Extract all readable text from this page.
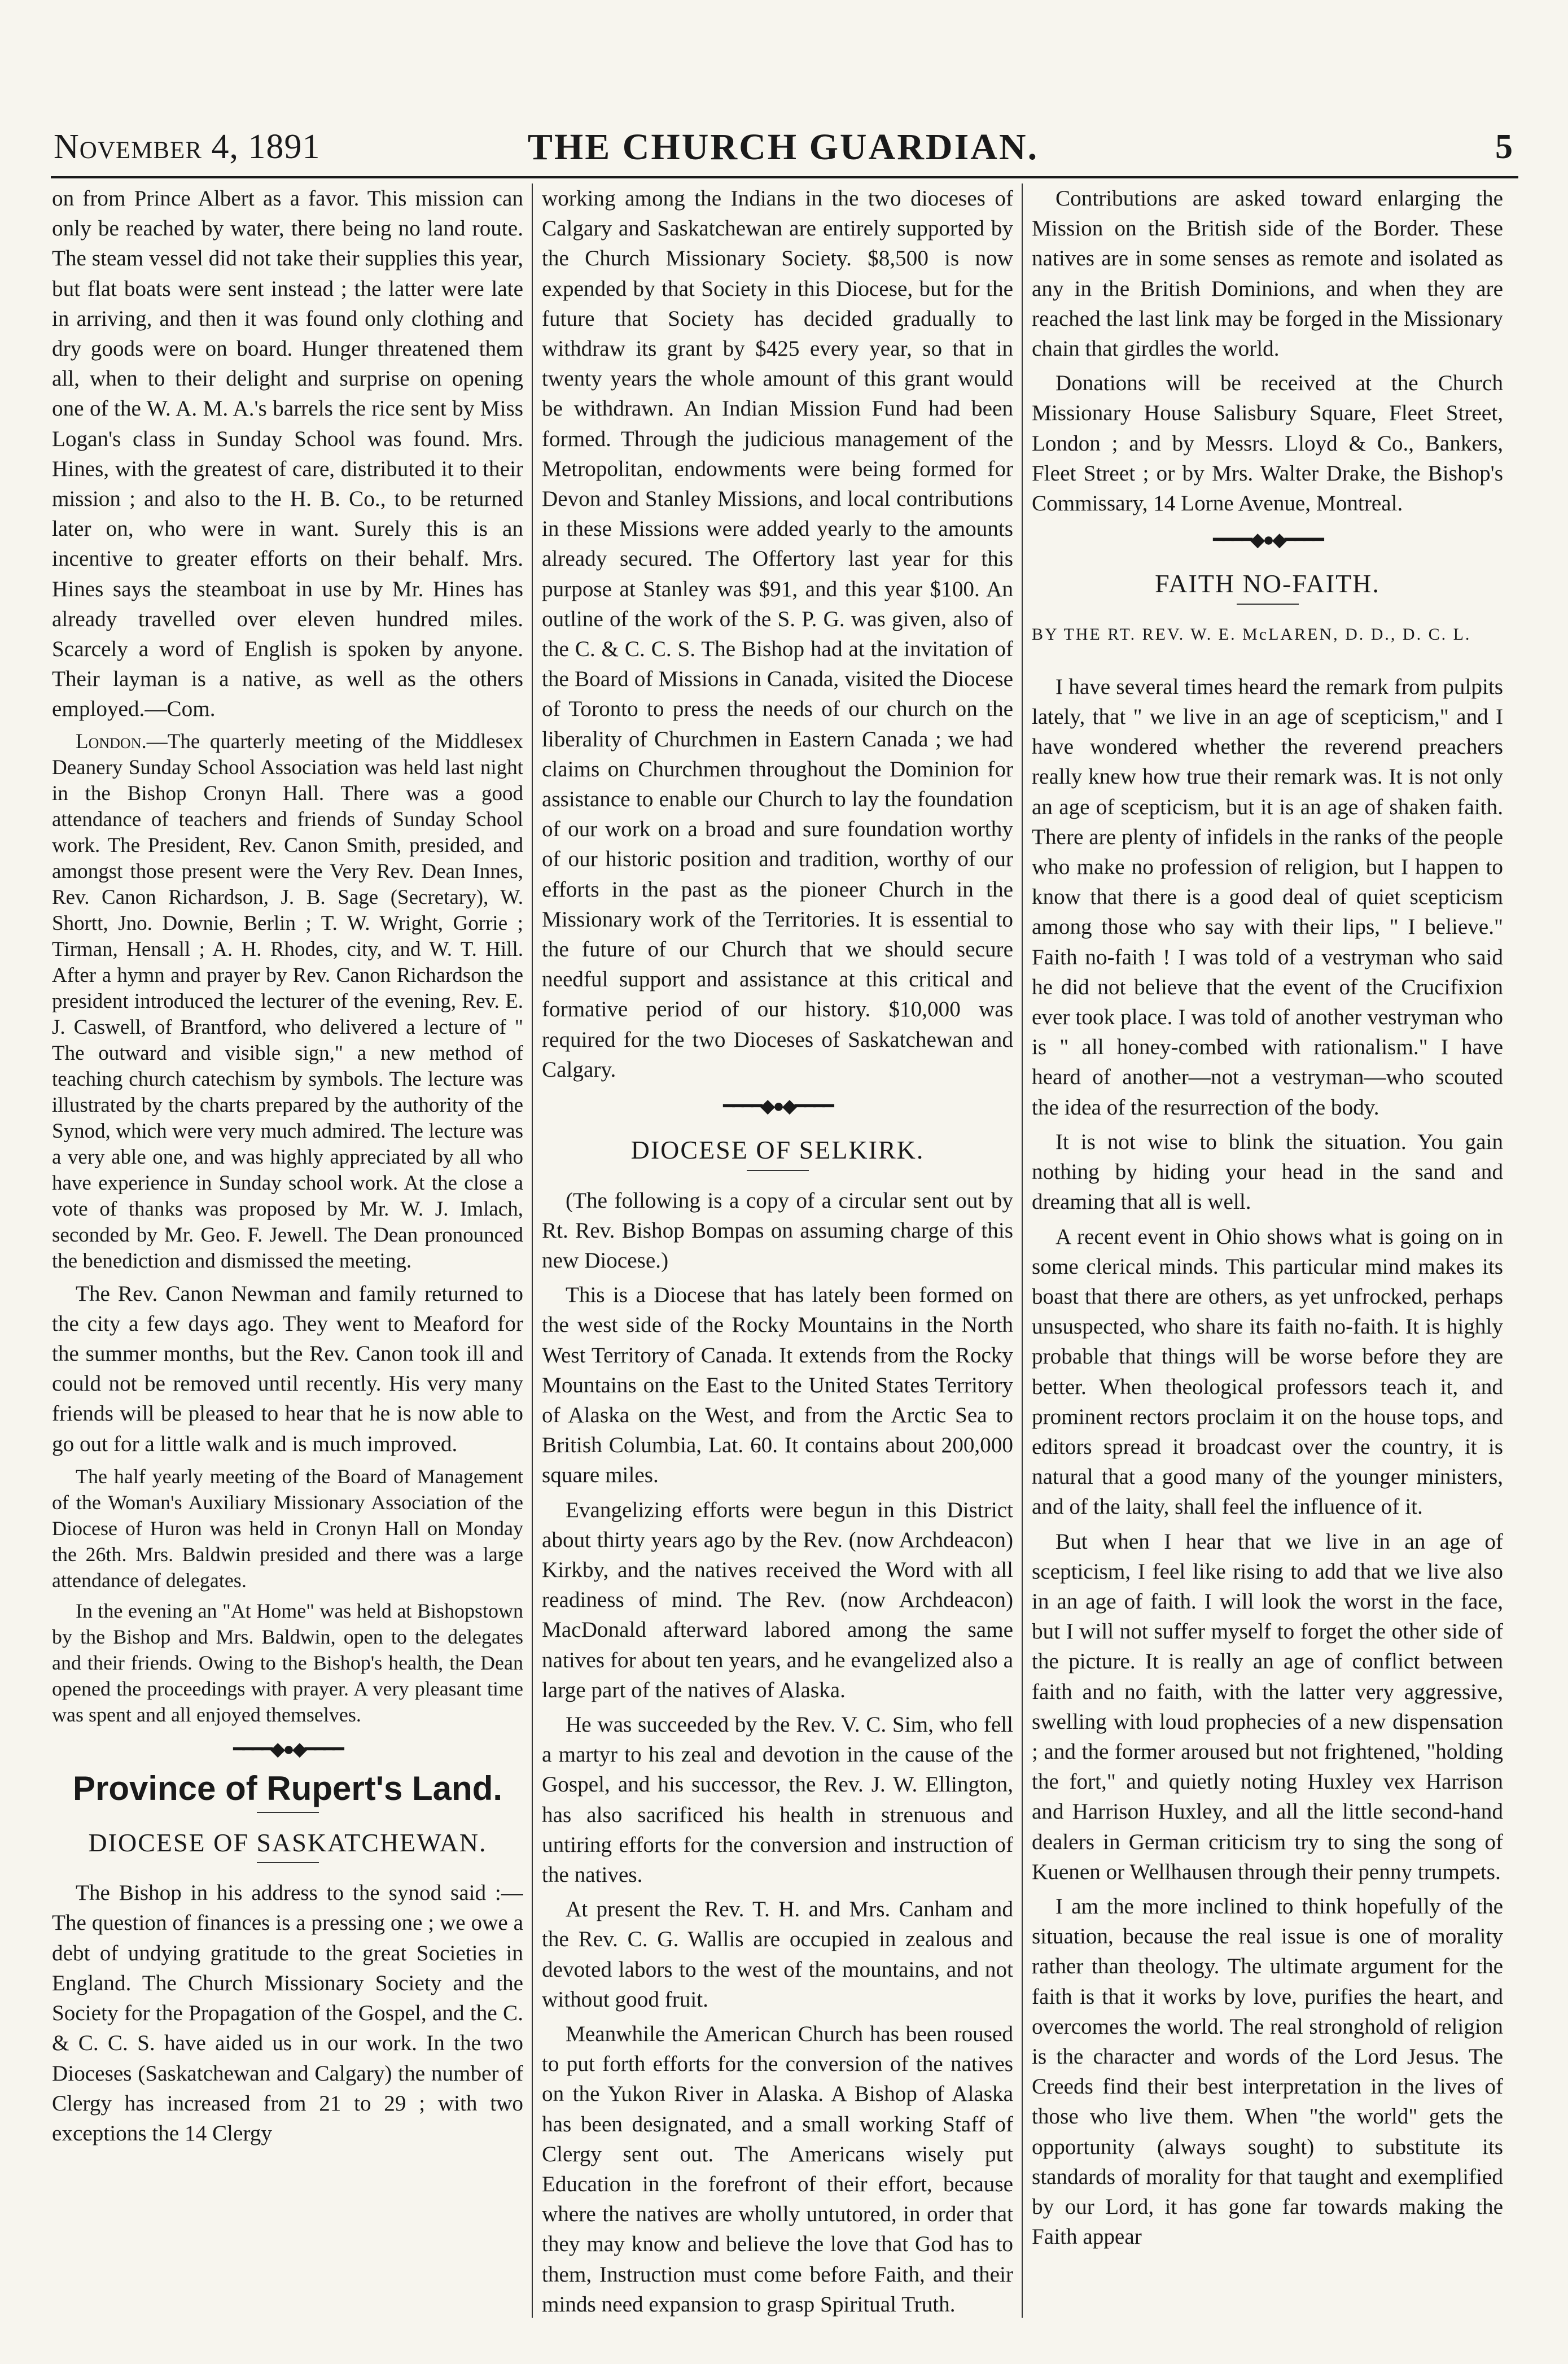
November 4, 1891	THE CHURCH GUARDIAN.	5

on from Prince Albert as a favor. This mission can only be reached by water, there being no land route. The steam vessel did not take their supplies this year, but flat boats were sent instead ; the latter were late in arriving, and then it was found only clothing and dry goods were on board. Hunger threatened them all, when to their delight and surprise on opening one of the W. A. M. A.'s barrels the rice sent by Miss Logan's class in Sunday School was found. Mrs. Hines, with the greatest of care, distributed it to their mission ; and also to the H. B. Co., to be returned later on, who were in want. Surely this is an incentive to greater efforts on their behalf. Mrs. Hines says the steamboat in use by Mr. Hines has already travelled over eleven hundred miles. Scarcely a word of English is spoken by anyone. Their layman is a native, as well as the others employed.—Com.

London.—The quarterly meeting of the Middlesex Deanery Sunday School Association was held last night in the Bishop Cronyn Hall. There was a good attendance of teachers and friends of Sunday School work. The President, Rev. Canon Smith, presided, and amongst those present were the Very Rev. Dean Innes, Rev. Canon Richardson, J. B. Sage (Secretary), W. Shortt, Jno. Downie, Berlin ; T. W. Wright, Gorrie ; Tirman, Hensall ; A. H. Rhodes, city, and W. T. Hill. After a hymn and prayer by Rev. Canon Richardson the president introduced the lecturer of the evening, Rev. E. J. Caswell, of Brantford, who delivered a lecture of " The outward and visible sign," a new method of teaching church catechism by symbols. The lecture was illustrated by the charts prepared by the authority of the Synod, which were very much admired. The lecture was a very able one, and was highly appreciated by all who have experience in Sunday school work. At the close a vote of thanks was proposed by Mr. W. J. Imlach, seconded by Mr. Geo. F. Jewell. The Dean pronounced the benediction and dismissed the meeting.

The Rev. Canon Newman and family returned to the city a few days ago. They went to Meaford for the summer months, but the Rev. Canon took ill and could not be removed until recently. His very many friends will be pleased to hear that he is now able to go out for a little walk and is much improved.

The half yearly meeting of the Board of Management of the Woman's Auxiliary Missionary Association of the Diocese of Huron was held in Cronyn Hall on Monday the 26th. Mrs. Baldwin presided and there was a large attendance of delegates.

In the evening an "At Home" was held at Bishopstown by the Bishop and Mrs. Baldwin, open to the delegates and their friends. Owing to the Bishop's health, the Dean opened the proceedings with prayer. A very pleasant time was spent and all enjoyed themselves.

━━━━◆●◆━━━━
Province of Rupert's Land.
DIOCESE OF SASKATCHEWAN.

The Bishop in his address to the synod said :— The question of finances is a pressing one ; we owe a debt of undying gratitude to the great Societies in England. The Church Missionary Society and the Society for the Propagation of the Gospel, and the C. & C. C. S. have aided us in our work. In the two Dioceses (Saskatchewan and Calgary) the number of Clergy has increased from 21 to 29 ; with two exceptions the 14 Clergy

working among the Indians in the two dioceses of Calgary and Saskatchewan are entirely supported by the Church Missionary Society. $8,500 is now expended by that Society in this Diocese, but for the future that Society has decided gradually to withdraw its grant by $425 every year, so that in twenty years the whole amount of this grant would be withdrawn. An Indian Mission Fund had been formed. Through the judicious management of the Metropolitan, endowments were being formed for Devon and Stanley Missions, and local contributions in these Missions were added yearly to the amounts already secured. The Offertory last year for this purpose at Stanley was $91, and this year $100. An outline of the work of the S. P. G. was given, also of the C. & C. C. S. The Bishop had at the invitation of the Board of Missions in Canada, visited the Diocese of Toronto to press the needs of our church on the liberality of Churchmen in Eastern Canada ; we had claims on Churchmen throughout the Dominion for assistance to enable our Church to lay the foundation of our work on a broad and sure foundation worthy of our historic position and tradition, worthy of our efforts in the past as the pioneer Church in the Missionary work of the Territories. It is essential to the future of our Church that we should secure needful support and assistance at this critical and formative period of our history. $10,000 was required for the two Dioceses of Saskatchewan and Calgary.

━━━━◆●◆━━━━
DIOCESE OF SELKIRK.

(The following is a copy of a circular sent out by Rt. Rev. Bishop Bompas on assuming charge of this new Diocese.)

This is a Diocese that has lately been formed on the west side of the Rocky Mountains in the North West Territory of Canada. It extends from the Rocky Mountains on the East to the United States Territory of Alaska on the West, and from the Arctic Sea to British Columbia, Lat. 60. It contains about 200,000 square miles.

Evangelizing efforts were begun in this District about thirty years ago by the Rev. (now Archdeacon) Kirkby, and the natives received the Word with all readiness of mind. The Rev. (now Archdeacon) MacDonald afterward labored among the same natives for about ten years, and he evangelized also a large part of the natives of Alaska.

He was succeeded by the Rev. V. C. Sim, who fell a martyr to his zeal and devotion in the cause of the Gospel, and his successor, the Rev. J. W. Ellington, has also sacrificed his health in strenuous and untiring efforts for the conversion and instruction of the natives.

At present the Rev. T. H. and Mrs. Canham and the Rev. C. G. Wallis are occupied in zealous and devoted labors to the west of the mountains, and not without good fruit.

Meanwhile the American Church has been roused to put forth efforts for the conversion of the natives on the Yukon River in Alaska. A Bishop of Alaska has been designated, and a small working Staff of Clergy sent out. The Americans wisely put Education in the forefront of their effort, because where the natives are wholly untutored, in order that they may know and believe the love that God has to them, Instruction must come before Faith, and their minds need expansion to grasp Spiritual Truth.

Contributions are asked toward enlarging the Mission on the British side of the Border. These natives are in some senses as remote and isolated as any in the British Dominions, and when they are reached the last link may be forged in the Missionary chain that girdles the world.

Donations will be received at the Church Missionary House Salisbury Square, Fleet Street, London ; and by Messrs. Lloyd & Co., Bankers, Fleet Street ; or by Mrs. Walter Drake, the Bishop's Commissary, 14 Lorne Avenue, Montreal.

━━━━◆●◆━━━━
FAITH NO-FAITH.

BY THE RT. REV. W. E. McLAREN, D. D., D. C. L.

I have several times heard the remark from pulpits lately, that " we live in an age of scepticism," and I have wondered whether the reverend preachers really knew how true their remark was. It is not only an age of scepticism, but it is an age of shaken faith. There are plenty of infidels in the ranks of the people who make no profession of religion, but I happen to know that there is a good deal of quiet scepticism among those who say with their lips, " I believe." Faith no-faith ! I was told of a vestryman who said he did not believe that the event of the Crucifixion ever took place. I was told of another vestryman who is " all honey-combed with rationalism." I have heard of another—not a vestryman—who scouted the idea of the resurrection of the body.

It is not wise to blink the situation. You gain nothing by hiding your head in the sand and dreaming that all is well.

A recent event in Ohio shows what is going on in some clerical minds. This particular mind makes its boast that there are others, as yet unfrocked, perhaps unsuspected, who share its faith no-faith. It is highly probable that things will be worse before they are better. When theological professors teach it, and prominent rectors proclaim it on the house tops, and editors spread it broadcast over the country, it is natural that a good many of the younger ministers, and of the laity, shall feel the influence of it.

But when I hear that we live in an age of scepticism, I feel like rising to add that we live also in an age of faith. I will look the worst in the face, but I will not suffer myself to forget the other side of the picture. It is really an age of conflict between faith and no faith, with the latter very aggressive, swelling with loud prophecies of a new dispensation ; and the former aroused but not frightened, "holding the fort," and quietly noting Huxley vex Harrison and Harrison Huxley, and all the little second-hand dealers in German criticism try to sing the song of Kuenen or Wellhausen through their penny trumpets.

I am the more inclined to think hopefully of the situation, because the real issue is one of morality rather than theology. The ultimate argument for the faith is that it works by love, purifies the heart, and overcomes the world. The real stronghold of religion is the character and words of the Lord Jesus. The Creeds find their best interpretation in the lives of those who live them. When "the world" gets the opportunity (always sought) to substitute its standards of morality for that taught and exemplified by our Lord, it has gone far towards making the Faith appear
